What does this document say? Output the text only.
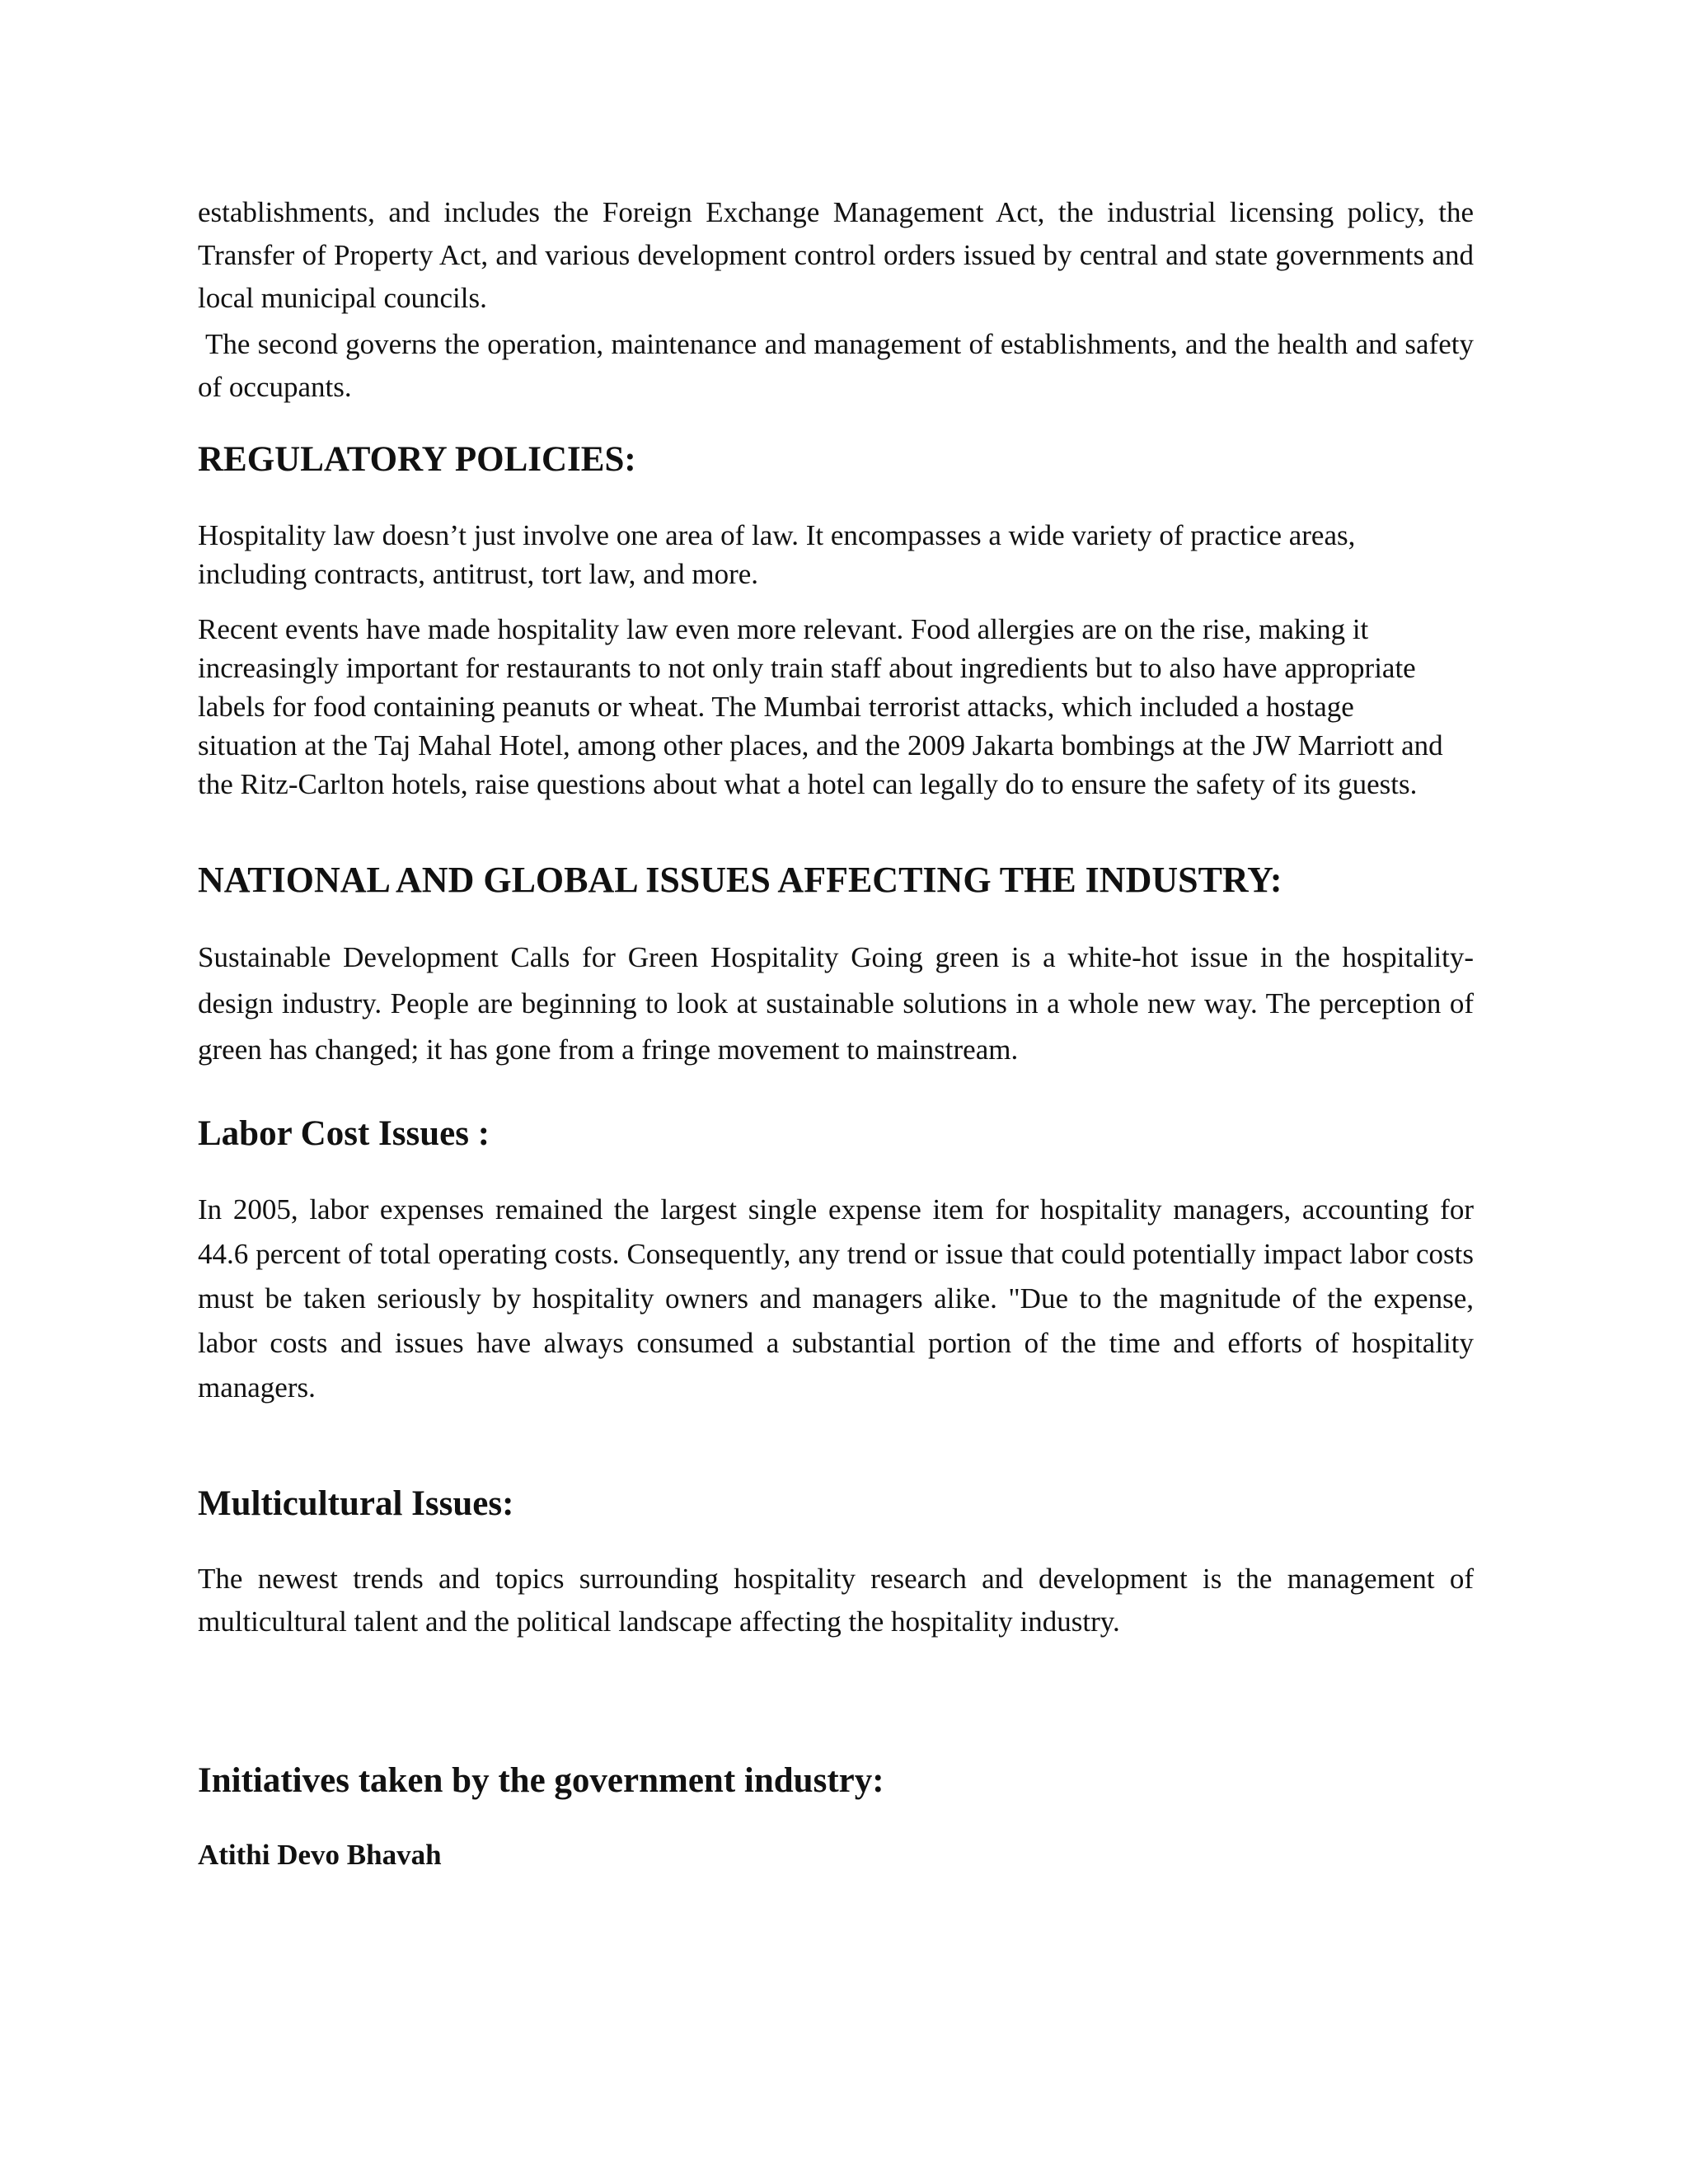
establishments, and includes the Foreign Exchange Management Act, the industrial licensing policy, the Transfer of Property Act, and various development control orders issued by central and state governments and local municipal councils.

The second governs the operation, maintenance and management of establishments, and the health and safety of occupants.

REGULATORY POLICIES:

Hospitality law doesn’t just involve one area of law. It encompasses a wide variety of practice areas, including contracts, antitrust, tort law, and more.

Recent events have made hospitality law even more relevant. Food allergies are on the rise, making it increasingly important for restaurants to not only train staff about ingredients but to also have appropriate labels for food containing peanuts or wheat. The Mumbai terrorist attacks, which included a hostage situation at the Taj Mahal Hotel, among other places, and the 2009 Jakarta bombings at the JW Marriott and the Ritz-Carlton hotels, raise questions about what a hotel can legally do to ensure the safety of its guests.

NATIONAL AND GLOBAL ISSUES AFFECTING THE INDUSTRY:

Sustainable Development Calls for Green Hospitality Going green is a white-hot issue in the hospitality-design industry. People are beginning to look at sustainable solutions in a whole new way. The perception of green has changed; it has gone from a fringe movement to mainstream.

Labor Cost Issues :

In 2005, labor expenses remained the largest single expense item for hospitality managers, accounting for 44.6 percent of total operating costs. Consequently, any trend or issue that could potentially impact labor costs must be taken seriously by hospitality owners and managers alike. "Due to the magnitude of the expense, labor costs and issues have always consumed a substantial portion of the time and efforts of hospitality managers.

Multicultural Issues:

The newest trends and topics surrounding hospitality research and development is the management of multicultural talent and the political landscape affecting the hospitality industry.

Initiatives taken by the government industry:
Atithi Devo Bhavah
